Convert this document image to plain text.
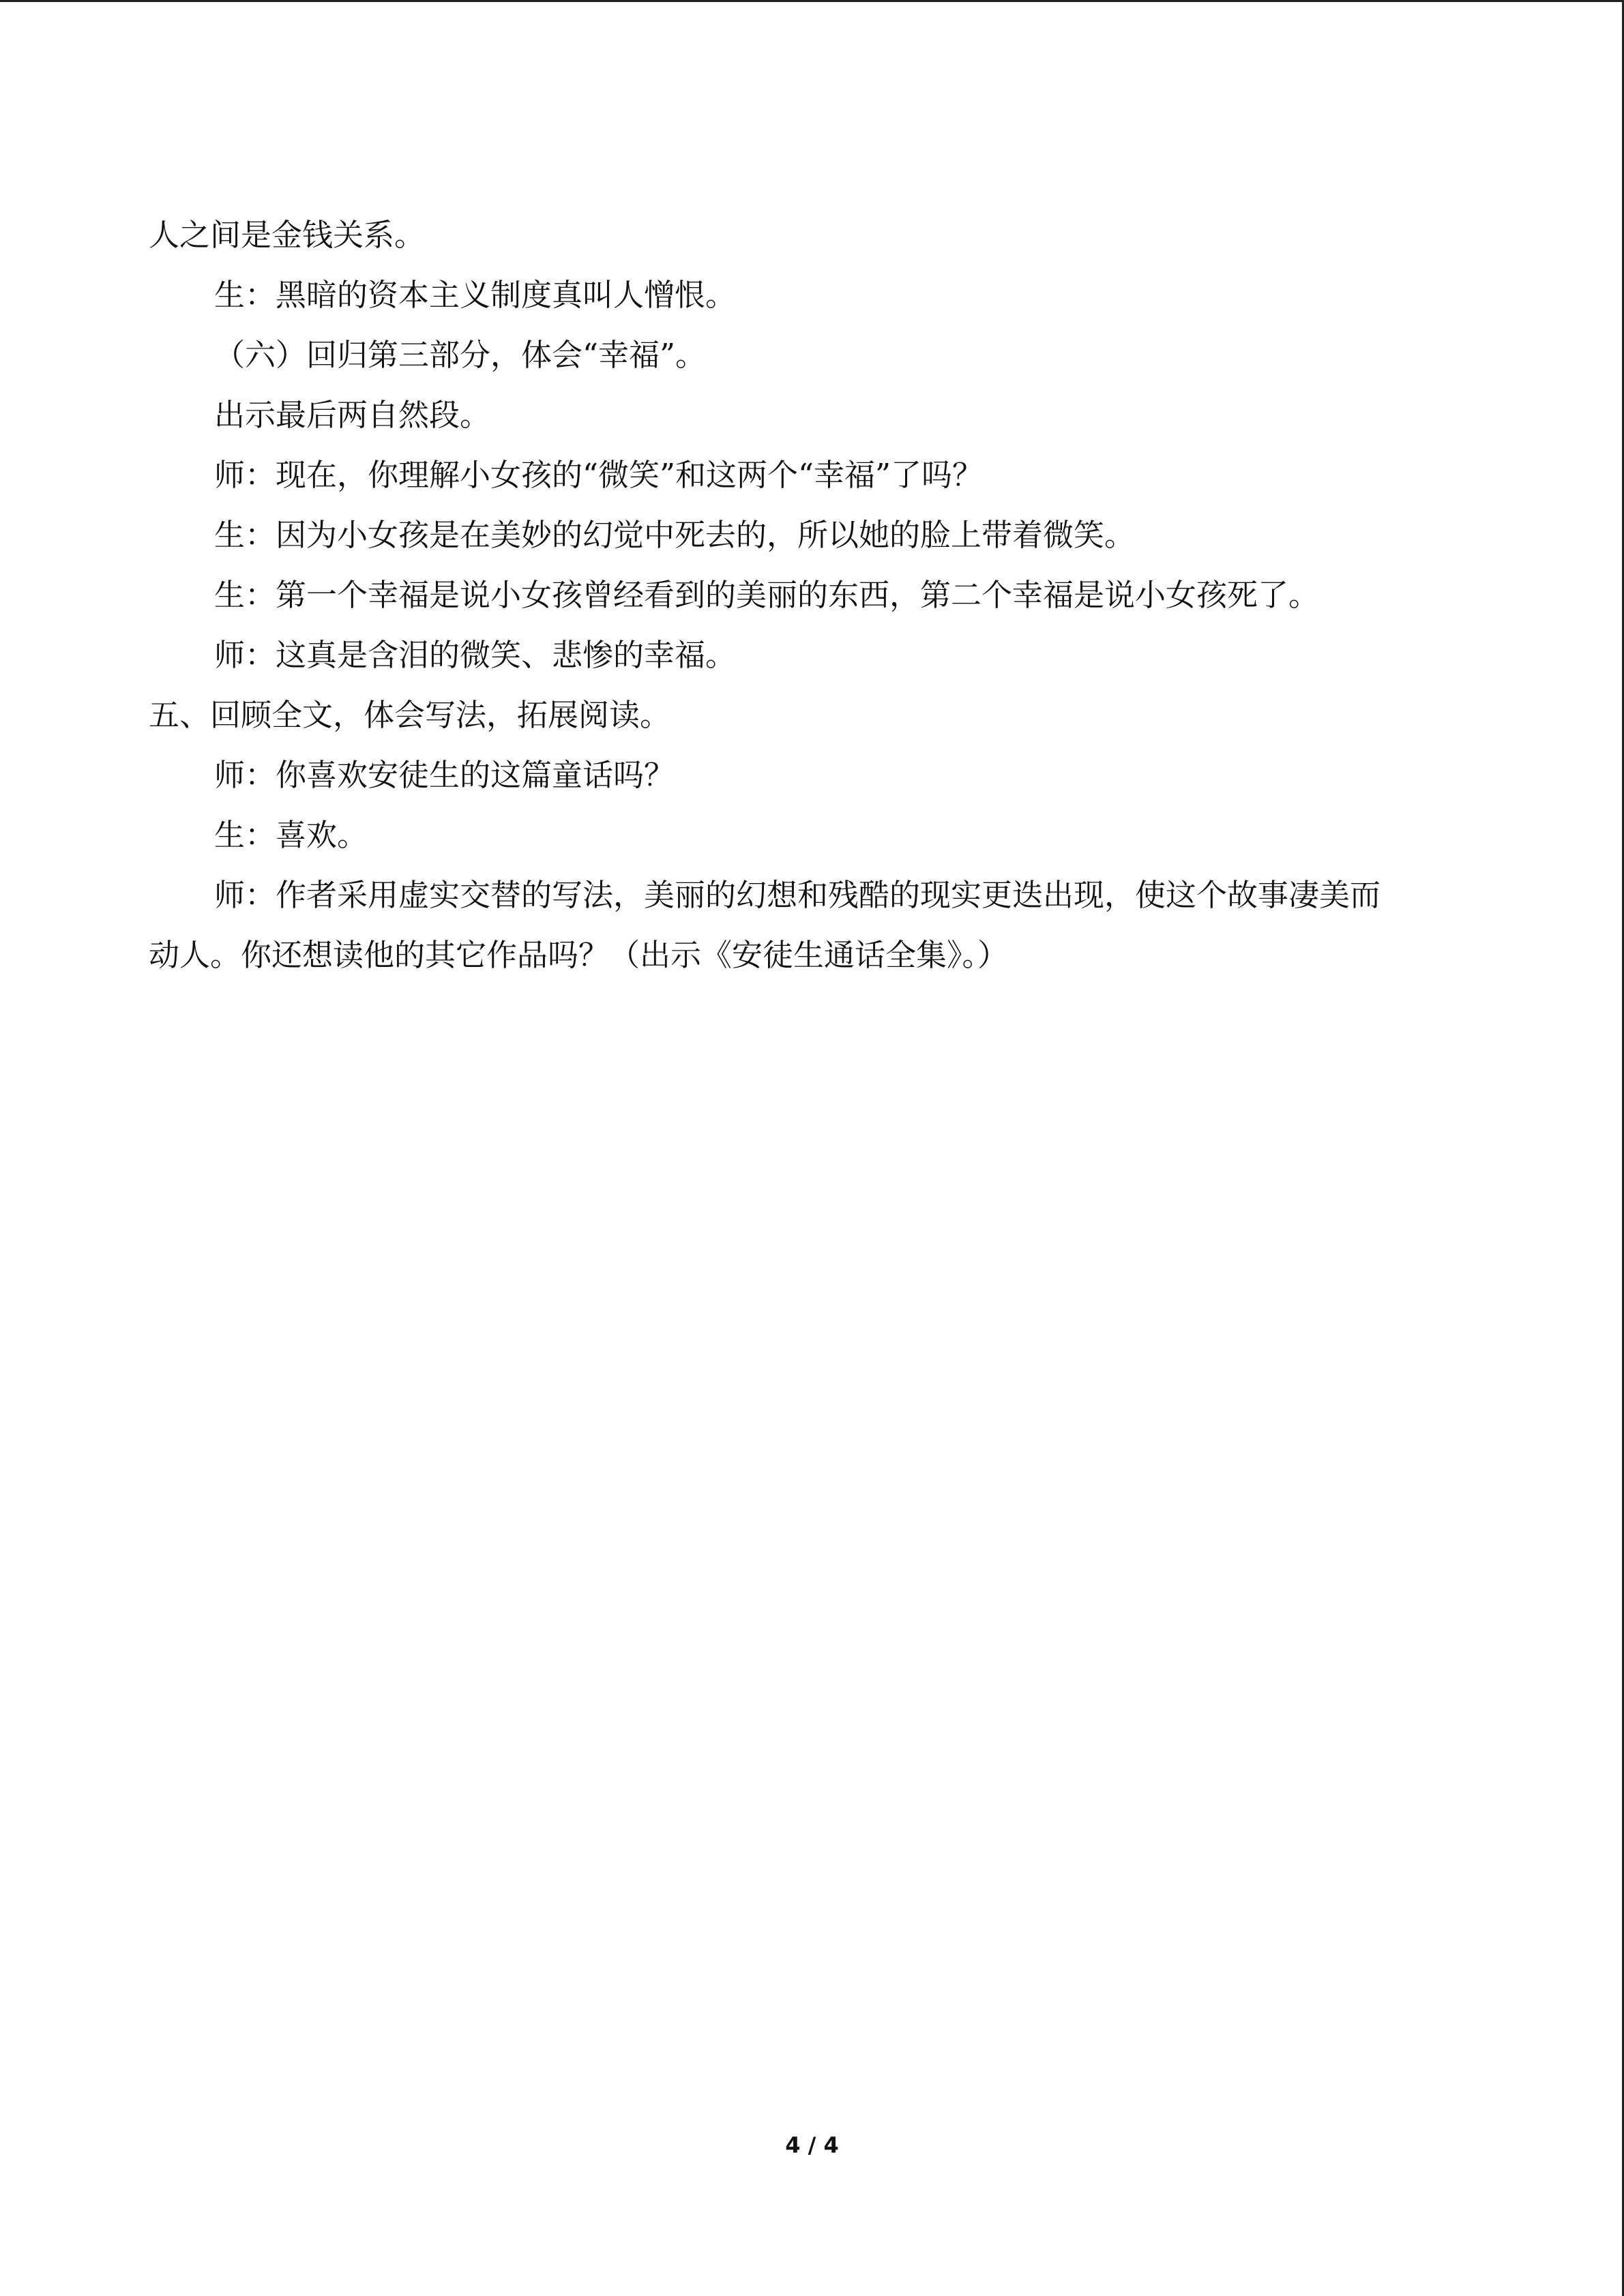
人之间是金钱关系。
生：黑暗的资本主义制度真叫人憎恨。
（六）回归第三部分，体会“幸福”。
出示最后两自然段。
师：现在，你理解小女孩的“微笑”和这两个“幸福”了吗？
生：因为小女孩是在美妙的幻觉中死去的，所以她的脸上带着微笑。
生：第一个幸福是说小女孩曾经看到的美丽的东西，第二个幸福是说小女孩死了。
师：这真是含泪的微笑、悲惨的幸福。
五、回顾全文，体会写法，拓展阅读。
师：你喜欢安徒生的这篇童话吗？
生：喜欢。
师：作者采用虚实交替的写法，美丽的幻想和残酷的现实更迭出现，使这个故事凄美而
动人。你还想读他的其它作品吗？（出示《安徒生通话全集》。）
4 / 4
